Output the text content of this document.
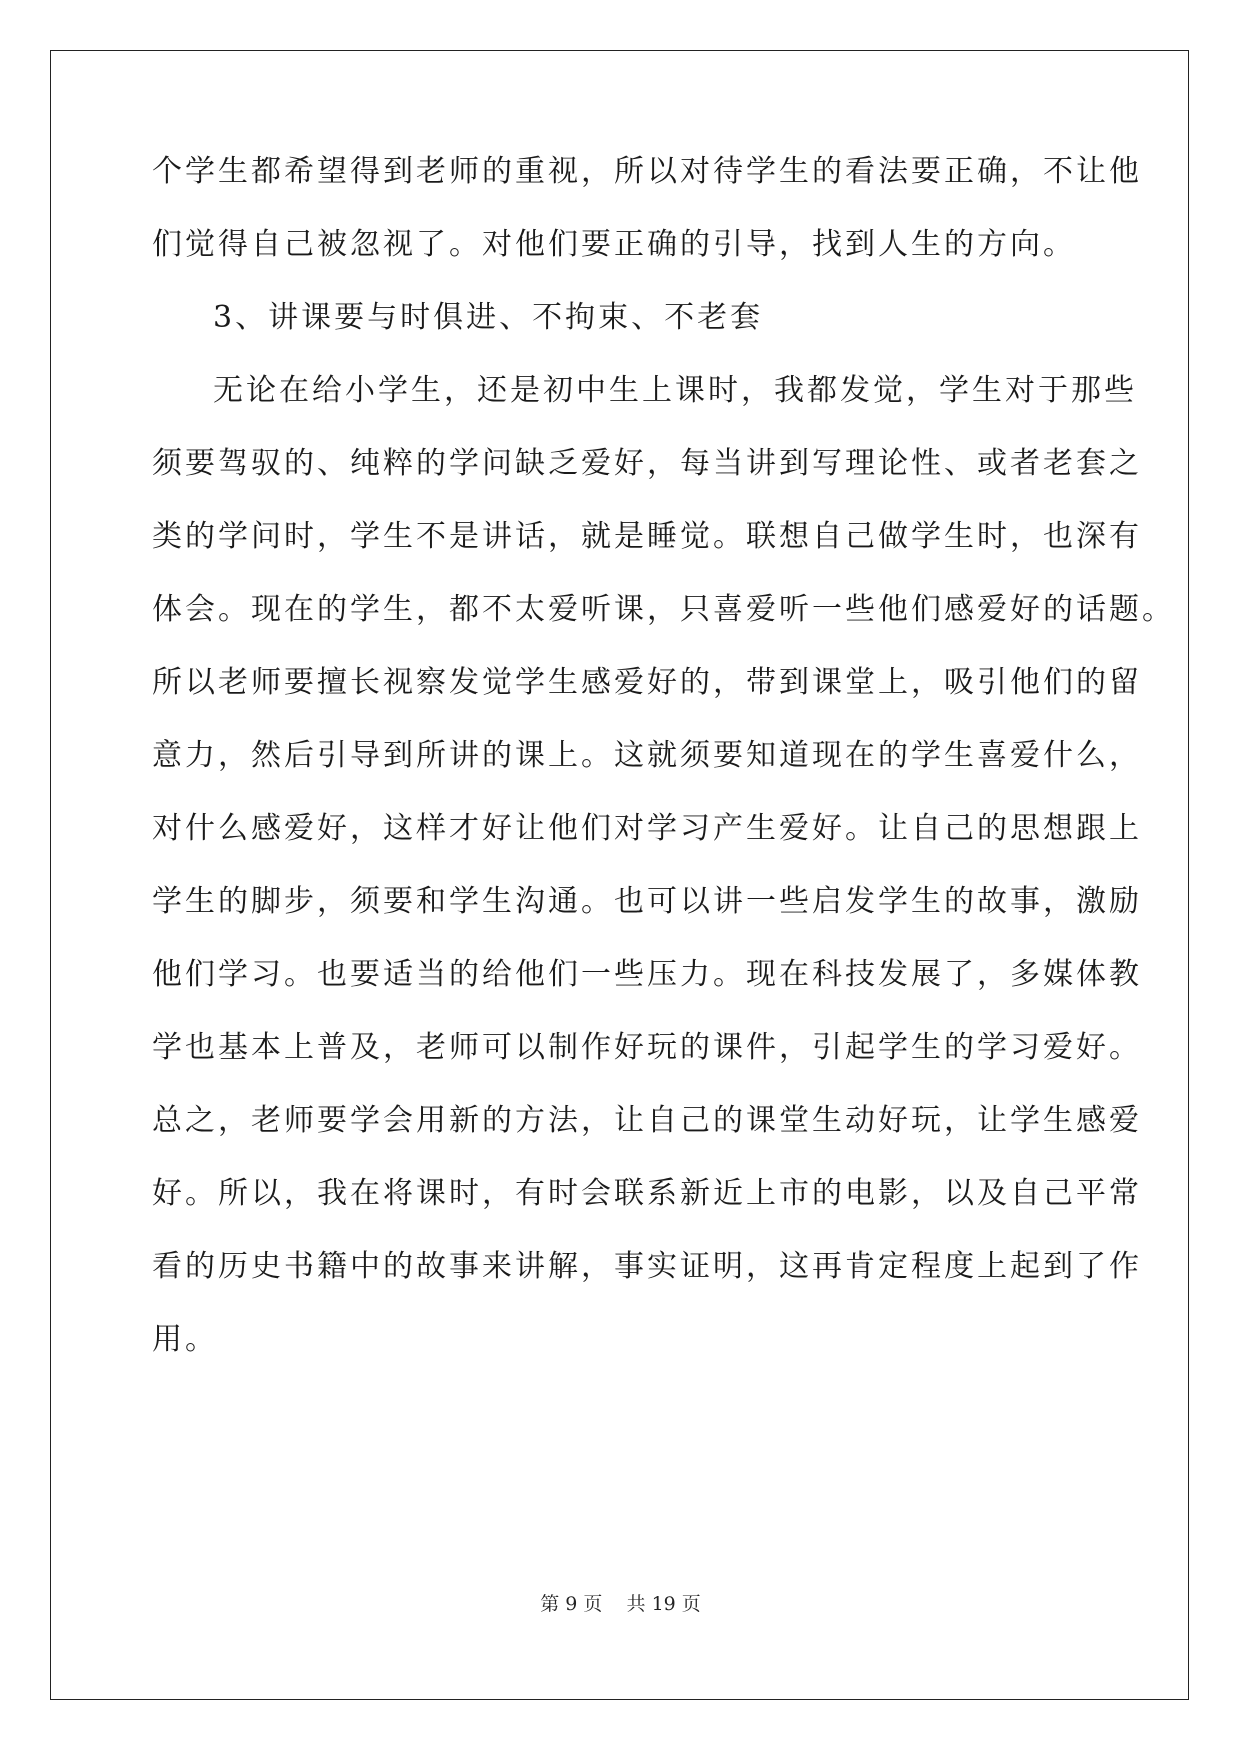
个学生都希望得到老师的重视，所以对待学生的看法要正确，不让他
们觉得自己被忽视了。对他们要正确的引导，找到人生的方向。
3、讲课要与时俱进、不拘束、不老套
无论在给小学生，还是初中生上课时，我都发觉，学生对于那些
须要驾驭的、纯粹的学问缺乏爱好，每当讲到写理论性、或者老套之
类的学问时，学生不是讲话，就是睡觉。联想自己做学生时，也深有
体会。现在的学生，都不太爱听课，只喜爱听一些他们感爱好的话题。
所以老师要擅长视察发觉学生感爱好的，带到课堂上，吸引他们的留
意力，然后引导到所讲的课上。这就须要知道现在的学生喜爱什么，
对什么感爱好，这样才好让他们对学习产生爱好。让自己的思想跟上
学生的脚步，须要和学生沟通。也可以讲一些启发学生的故事，激励
他们学习。也要适当的给他们一些压力。现在科技发展了，多媒体教
学也基本上普及，老师可以制作好玩的课件，引起学生的学习爱好。
总之，老师要学会用新的方法，让自己的课堂生动好玩，让学生感爱
好。所以，我在将课时，有时会联系新近上市的电影，以及自己平常
看的历史书籍中的故事来讲解，事实证明，这再肯定程度上起到了作
用。
第 9 页 共 19 页
